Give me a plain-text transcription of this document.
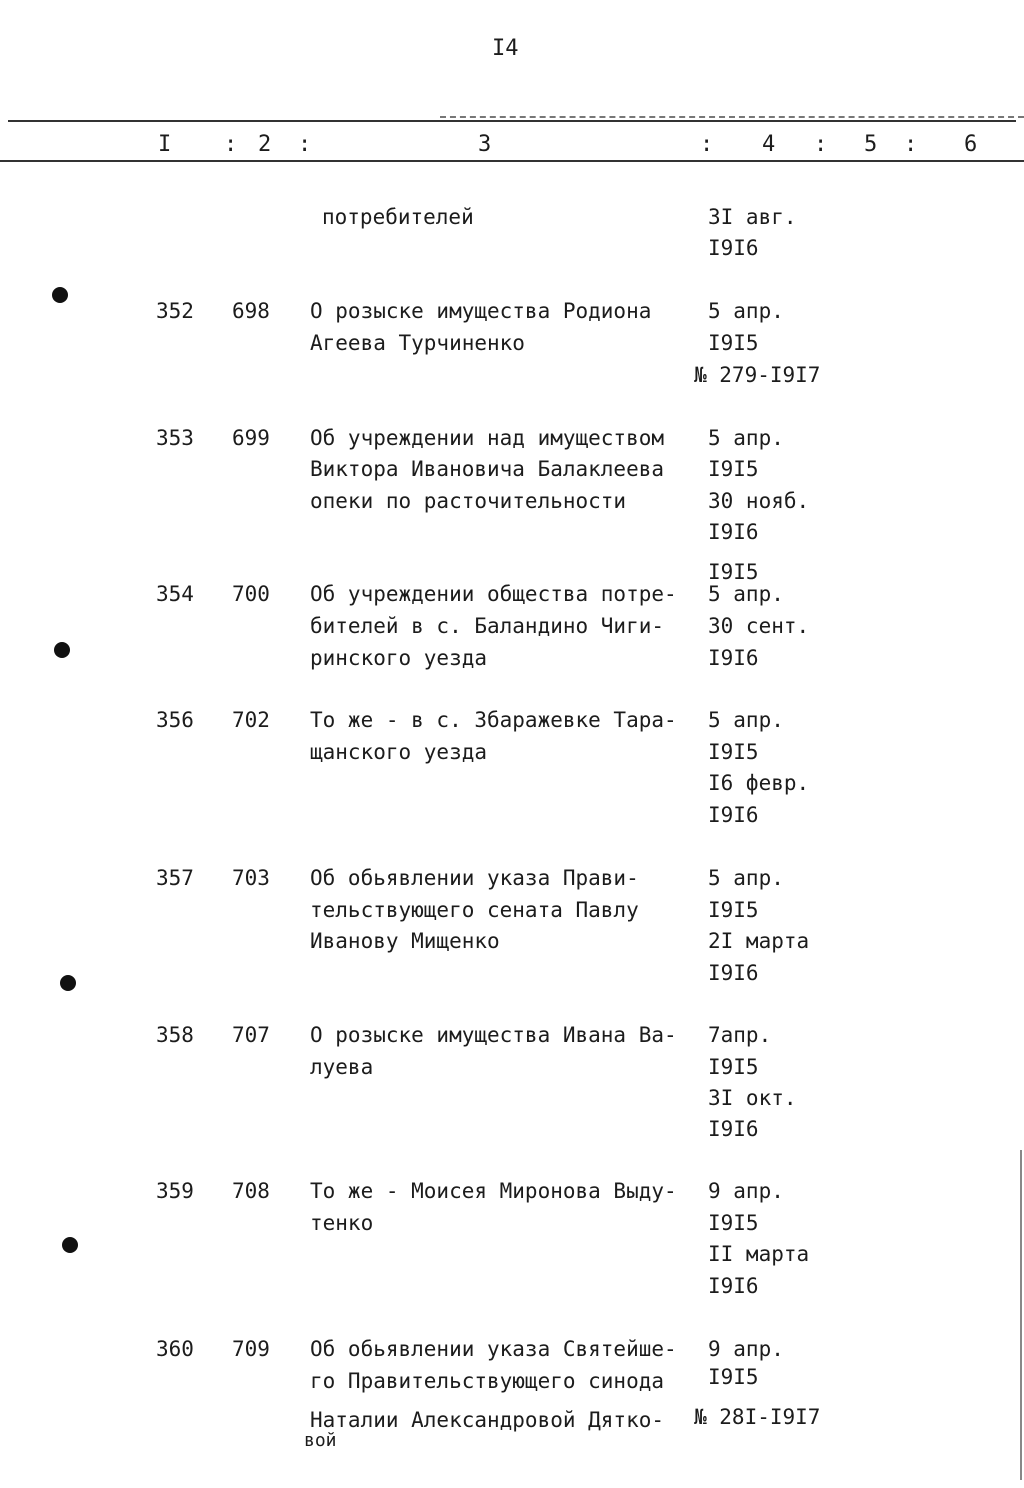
I4
I : 2 :	3	: 4 : 5 : 6
потребителей	3I авг.
I9I6
352 698 О розыске имущества Родиона
Агеева Турчиненко
5 апр.
I9I5
№ 279-I9I7
353 699 Об учреждении над имуществом
Виктора Ивановича Балаклеева
опеки по расточительности
5 апр.
I9I5
30 нояб.
I9I6
I9I5
354 700 Об учреждении общества потре-
бителей в с. Баландино Чиги-
ринского уезда
5 апр.
30 сент.
I9I6
356 702 То же - в с. Збаражевке Тара-
щанского уезда
5 апр.
I9I5
I6 февр.
I9I6
357 703 Об обьявлении указа Прави-
тельствующего сената Павлу
Иванову Мищенко
5 апр.
I9I5
2I марта
I9I6
358 707 О розыске имущества Ивана Ва-
луева
7апр.
I9I5
3I окт.
I9I6
359 708 То же - Моисея Миронова Выду-
тенко
9 апр.
I9I5
II марта
I9I6
360 709 Об обьявлении указа Святейше-
го Правительствующего синода
Наталии Александровой Дятко-
вой
9 апр.
I9I5
№ 28I-I9I7
